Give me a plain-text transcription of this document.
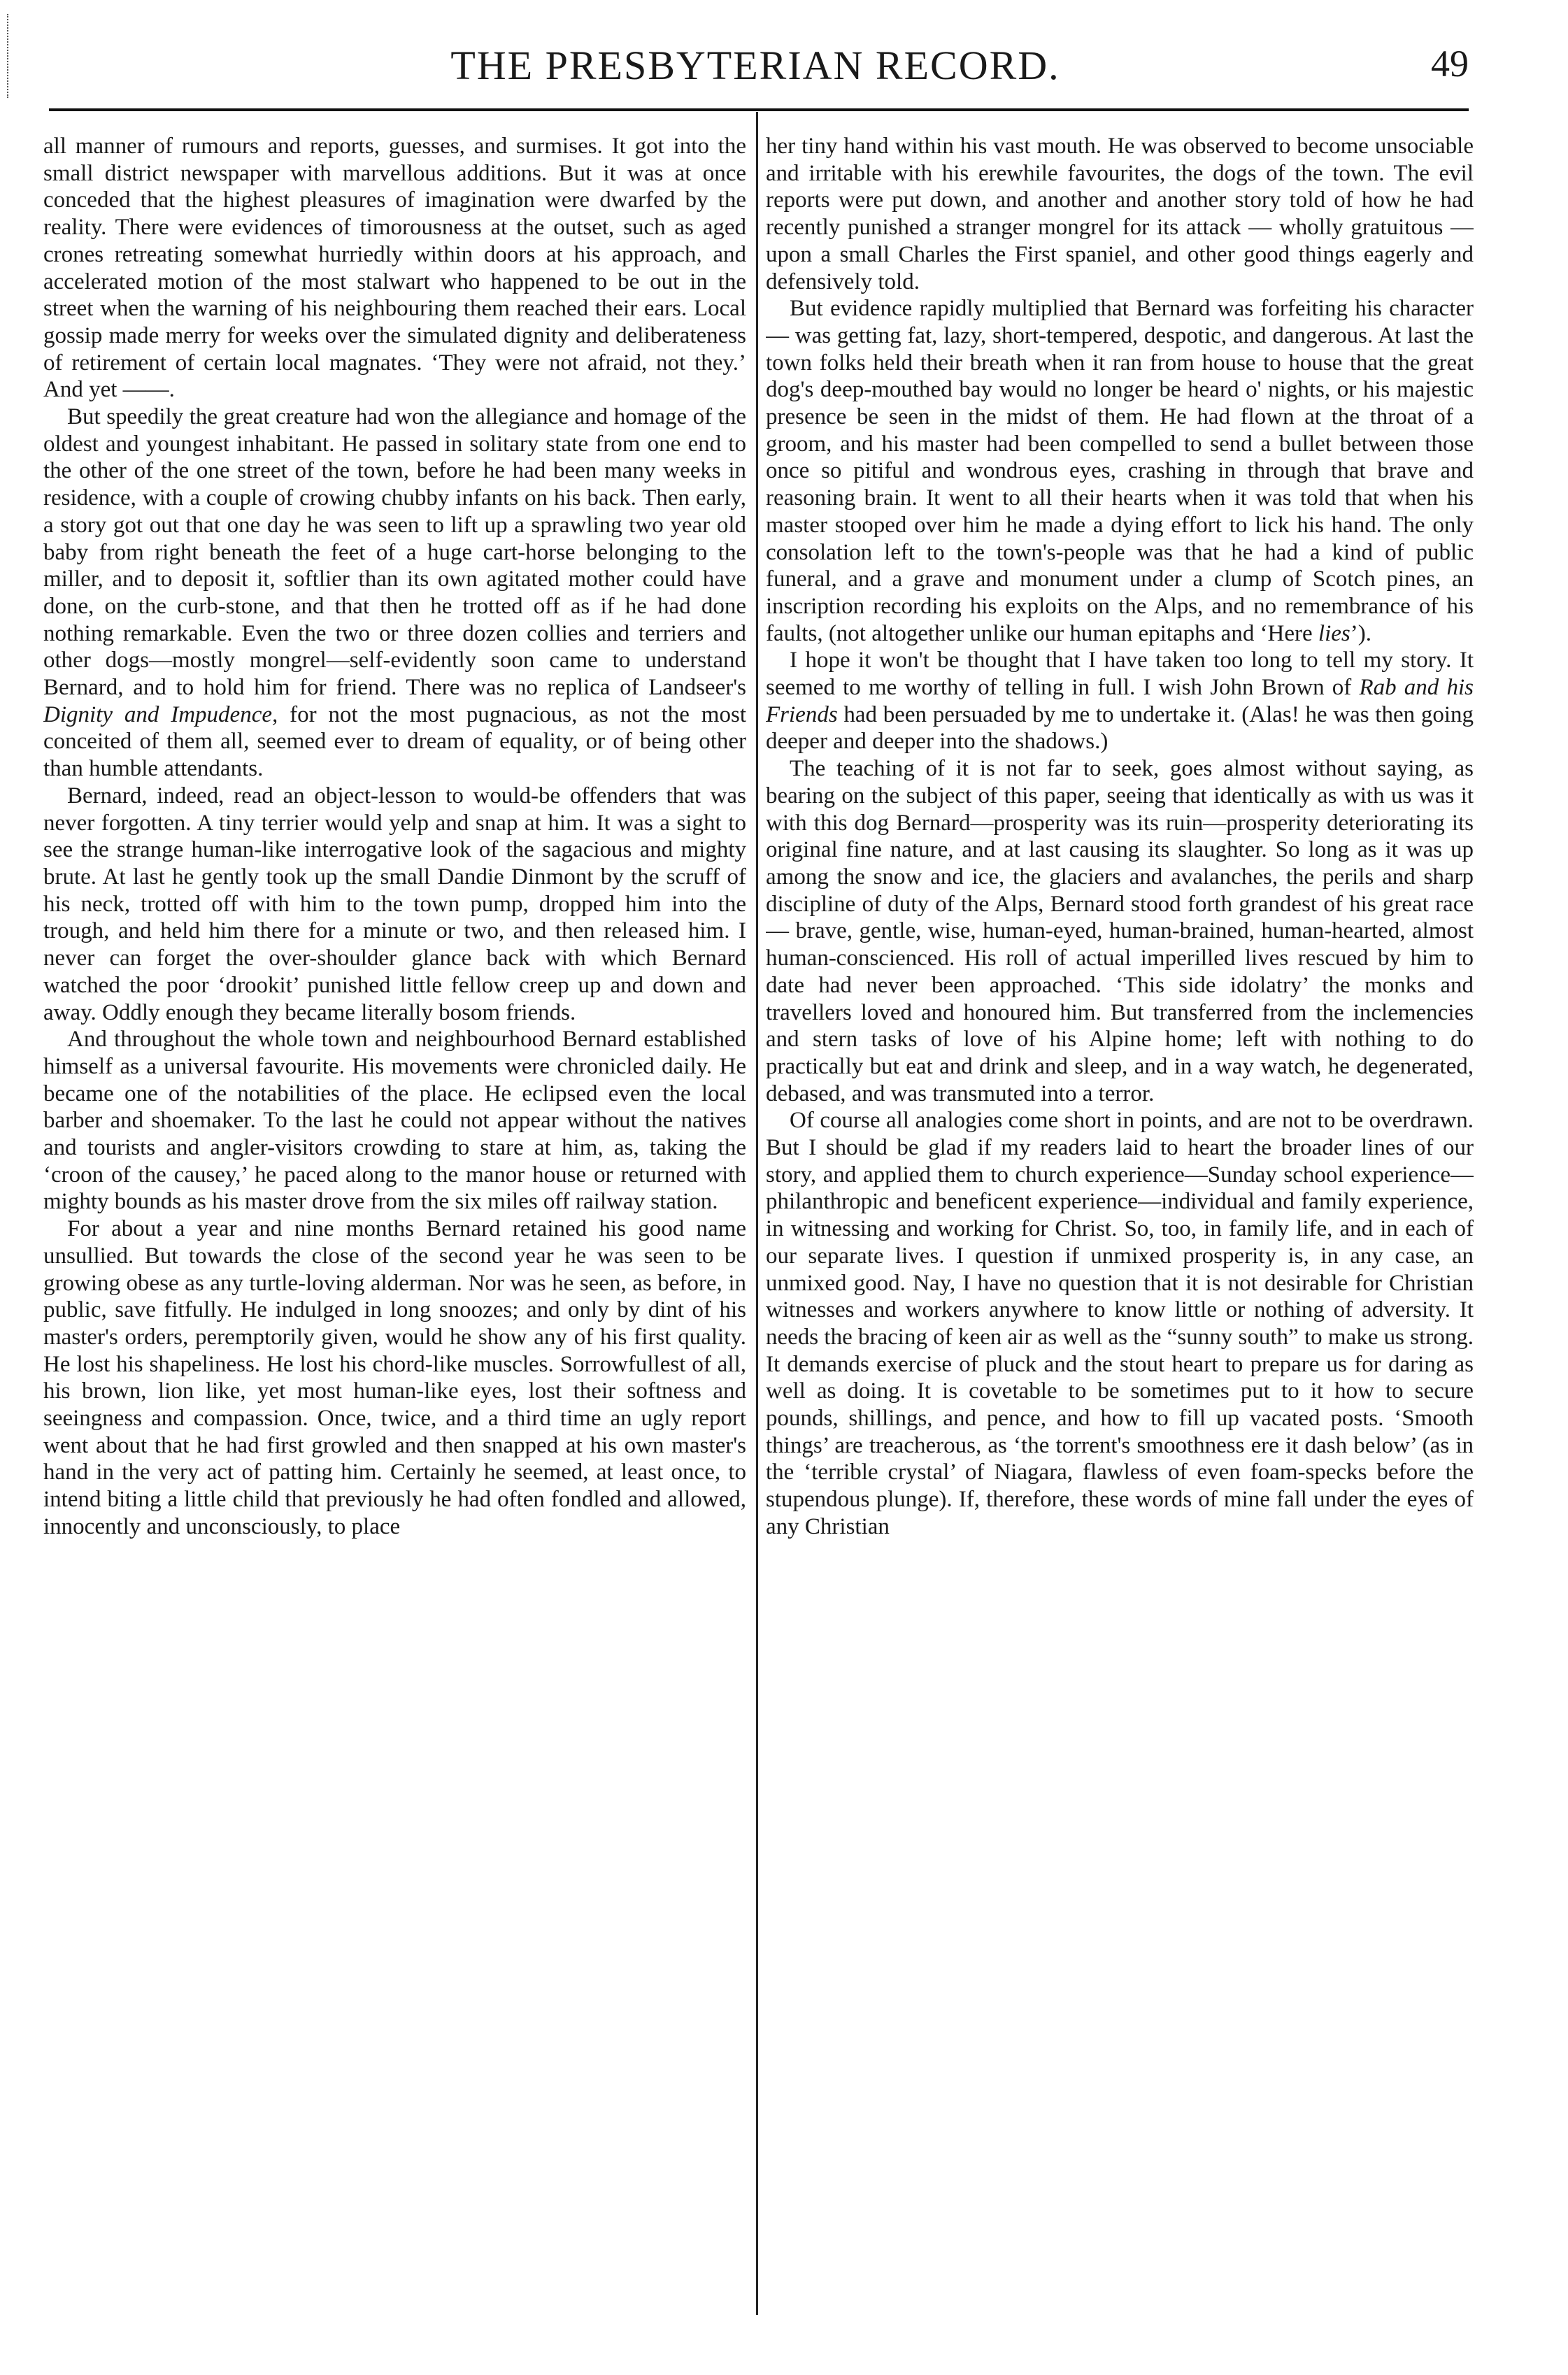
THE PRESBYTERIAN RECORD.	49

all manner of rumours and reports, guesses, and surmises. It got into the small district newspaper with marvellous additions. But it was at once conceded that the highest pleasures of imagination were dwarfed by the reality. There were evidences of timorousness at the outset, such as aged crones retreating somewhat hurriedly within doors at his approach, and accelerated motion of the most stalwart who happened to be out in the street when the warning of his neighbouring them reached their ears. Local gossip made merry for weeks over the simulated dignity and deliberateness of retirement of certain local magnates. ‘They were not afraid, not they.’ And yet ——.

But speedily the great creature had won the allegiance and homage of the oldest and youngest inhabitant. He passed in solitary state from one end to the other of the one street of the town, before he had been many weeks in residence, with a couple of crowing chubby infants on his back. Then early, a story got out that one day he was seen to lift up a sprawling two year old baby from right beneath the feet of a huge cart-horse belonging to the miller, and to deposit it, softlier than its own agitated mother could have done, on the curb-stone, and that then he trotted off as if he had done nothing remarkable. Even the two or three dozen collies and terriers and other dogs—mostly mongrel—self-evidently soon came to understand Bernard, and to hold him for friend. There was no replica of Landseer's Dignity and Impudence, for not the most pugnacious, as not the most conceited of them all, seemed ever to dream of equality, or of being other than humble attendants.

Bernard, indeed, read an object-lesson to would-be offenders that was never forgotten. A tiny terrier would yelp and snap at him. It was a sight to see the strange human-like interrogative look of the sagacious and mighty brute. At last he gently took up the small Dandie Dinmont by the scruff of his neck, trotted off with him to the town pump, dropped him into the trough, and held him there for a minute or two, and then released him. I never can forget the over-shoulder glance back with which Bernard watched the poor ‘drookit’ punished little fellow creep up and down and away. Oddly enough they became literally bosom friends.

And throughout the whole town and neighbourhood Bernard established himself as a universal favourite. His movements were chronicled daily. He became one of the notabilities of the place. He eclipsed even the local barber and shoemaker. To the last he could not appear without the natives and tourists and angler-visitors crowding to stare at him, as, taking the ‘croon of the causey,’ he paced along to the manor house or returned with mighty bounds as his master drove from the six miles off railway station.

For about a year and nine months Bernard retained his good name unsullied. But towards the close of the second year he was seen to be growing obese as any turtle-loving alderman. Nor was he seen, as before, in public, save fitfully. He indulged in long snoozes; and only by dint of his master's orders, peremptorily given, would he show any of his first quality. He lost his shapeliness. He lost his chord-like muscles. Sorrowfullest of all, his brown, lion like, yet most human-like eyes, lost their softness and seeingness and compassion. Once, twice, and a third time an ugly report went about that he had first growled and then snapped at his own master's hand in the very act of patting him. Certainly he seemed, at least once, to intend biting a little child that previously he had often fondled and allowed, innocently and unconsciously, to place

her tiny hand within his vast mouth. He was observed to become unsociable and irritable with his erewhile favourites, the dogs of the town. The evil reports were put down, and another and another story told of how he had recently punished a stranger mongrel for its attack — wholly gratuitous — upon a small Charles the First spaniel, and other good things eagerly and defensively told.

But evidence rapidly multiplied that Bernard was forfeiting his character — was getting fat, lazy, short-tempered, despotic, and dangerous. At last the town folks held their breath when it ran from house to house that the great dog's deep-mouthed bay would no longer be heard o' nights, or his majestic presence be seen in the midst of them. He had flown at the throat of a groom, and his master had been compelled to send a bullet between those once so pitiful and wondrous eyes, crashing in through that brave and reasoning brain. It went to all their hearts when it was told that when his master stooped over him he made a dying effort to lick his hand. The only consolation left to the town's-people was that he had a kind of public funeral, and a grave and monument under a clump of Scotch pines, an inscription recording his exploits on the Alps, and no remembrance of his faults, (not altogether unlike our human epitaphs and ‘Here lies’).

I hope it won't be thought that I have taken too long to tell my story. It seemed to me worthy of telling in full. I wish John Brown of Rab and his Friends had been persuaded by me to undertake it. (Alas! he was then going deeper and deeper into the shadows.)

The teaching of it is not far to seek, goes almost without saying, as bearing on the subject of this paper, seeing that identically as with us was it with this dog Bernard—prosperity was its ruin—prosperity deteriorating its original fine nature, and at last causing its slaughter. So long as it was up among the snow and ice, the glaciers and avalanches, the perils and sharp discipline of duty of the Alps, Bernard stood forth grandest of his great race — brave, gentle, wise, human-eyed, human-brained, human-hearted, almost human-conscienced. His roll of actual imperilled lives rescued by him to date had never been approached. ‘This side idolatry’ the monks and travellers loved and honoured him. But transferred from the inclemencies and stern tasks of love of his Alpine home; left with nothing to do practically but eat and drink and sleep, and in a way watch, he degenerated, debased, and was transmuted into a terror.

Of course all analogies come short in points, and are not to be overdrawn. But I should be glad if my readers laid to heart the broader lines of our story, and applied them to church experience—Sunday school experience—philanthropic and beneficent experience—individual and family experience, in witnessing and working for Christ. So, too, in family life, and in each of our separate lives. I question if unmixed prosperity is, in any case, an unmixed good. Nay, I have no question that it is not desirable for Christian witnesses and workers anywhere to know little or nothing of adversity. It needs the bracing of keen air as well as the “sunny south” to make us strong. It demands exercise of pluck and the stout heart to prepare us for daring as well as doing. It is covetable to be sometimes put to it how to secure pounds, shillings, and pence, and how to fill up vacated posts. ‘Smooth things’ are treacherous, as ‘the torrent's smoothness ere it dash below’ (as in the ‘terrible crystal’ of Niagara, flawless of even foam-specks before the stupendous plunge). If, therefore, these words of mine fall under the eyes of any Christian
